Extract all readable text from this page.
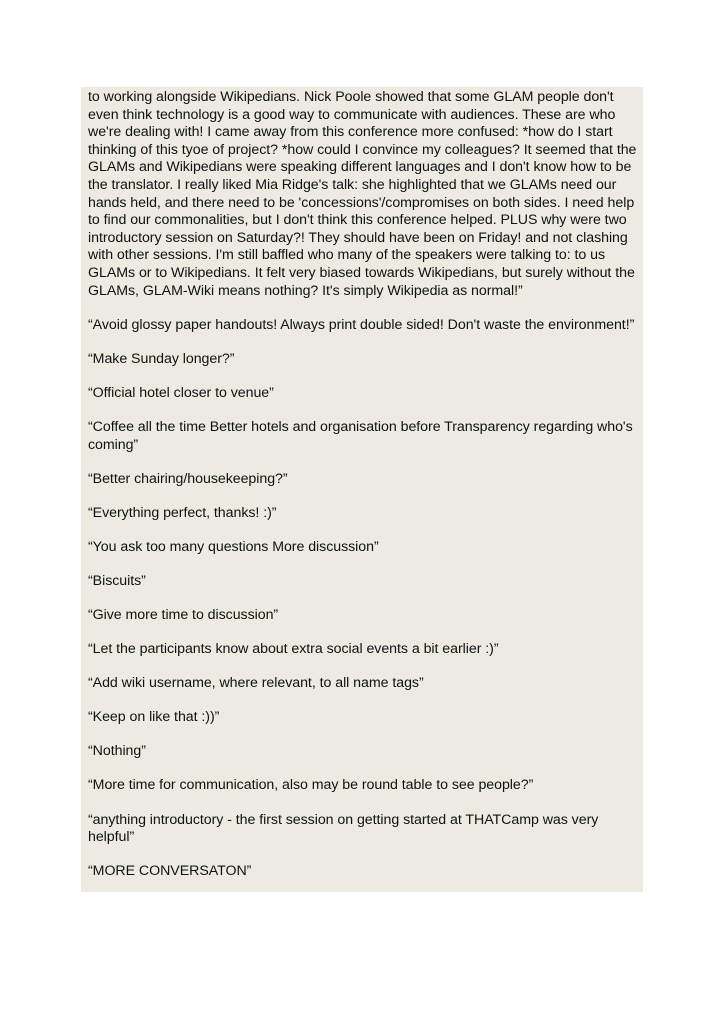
to working alongside Wikipedians. Nick Poole showed that some GLAM people don't even think technology is a good way to communicate with audiences. These are who we're dealing with! I came away from this conference more confused: *how do I start thinking of this tyoe of project? *how could I convince my colleagues? It seemed that the GLAMs and Wikipedians were speaking different languages and I don't know how to be the translator. I really liked Mia Ridge's talk: she highlighted that we GLAMs need our hands held, and there need to be 'concessions'/compromises on both sides. I need help to find our commonalities, but I don't think this conference helped. PLUS why were two introductory session on Saturday?! They should have been on Friday! and not clashing with other sessions. I'm still baffled who many of the speakers were talking to: to us GLAMs or to Wikipedians. It felt very biased towards Wikipedians, but surely without the GLAMs, GLAM-Wiki means nothing? It's simply Wikipedia as normal!”

“Avoid glossy paper handouts! Always print double sided! Don't waste the environment!”

“Make Sunday longer?”

“Official hotel closer to venue”

“Coffee all the time Better hotels and organisation before Transparency regarding who's coming”

“Better chairing/housekeeping?”

“Everything perfect, thanks! :)”

“You ask too many questions More discussion”

“Biscuits”

“Give more time to discussion”

“Let the participants know about extra social events a bit earlier :)”

“Add wiki username, where relevant, to all name tags”

“Keep on like that :))”

“Nothing”

“More time for communication, also may be round table to see people?”

“anything introductory - the first session on getting started at THATCamp was very helpful”

“MORE CONVERSATON”
